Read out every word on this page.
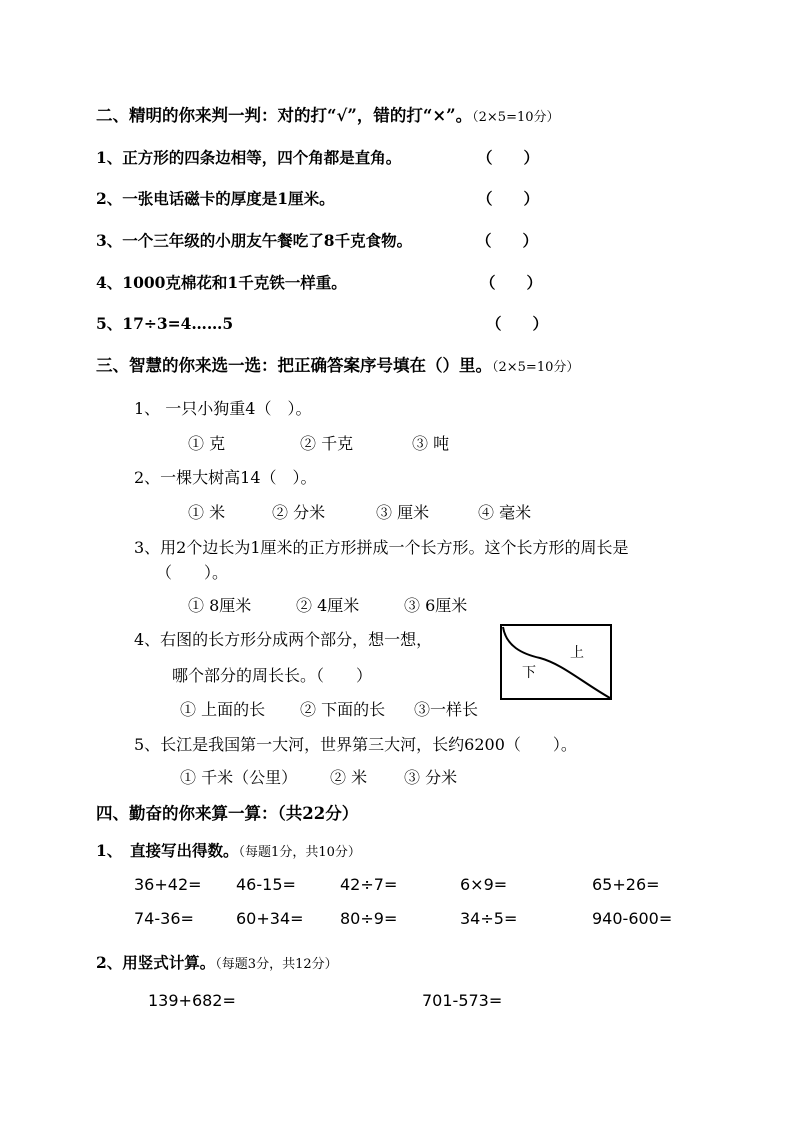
二、精明的你来判一判：对的打“√”，错的打“×”。（2×5=10分）
1、正方形的四条边相等，四个角都是直角。	（　　）
2、一张电话磁卡的厚度是1厘米。	（　　）
3、一个三年级的小朋友午餐吃了8千克食物。	（　　）
4、1000克棉花和1千克铁一样重。	（　　）
5、17÷3=4……5	（　　）
三、智慧的你来选一选：把正确答案序号填在（）里。（2×5=10分）
1、 一只小狗重4（　）。
① 克	② 千克	③ 吨
2、一棵大树高14（　）。
① 米	② 分米	③ 厘米	④ 毫米
3、用2个边长为1厘米的正方形拼成一个长方形。这个长方形的周长是
（　　）。
① 8厘米	② 4厘米	③ 6厘米
4、右图的长方形分成两个部分，想一想，
哪个部分的周长长。（　　）
① 上面的长 ② 下面的长 ③一样长
上
下
5、长江是我国第一大河，世界第三大河，长约6200（　　）。
① 千米（公里） ② 米 ③ 分米
四、勤奋的你来算一算：（共22分）
1、　直接写出得数。（每题1分，共10分）
36+42= 46-15=	42÷7=	6×9=	65+26=
74-36=	60+34= 80÷9=	34÷5=	940-600=
2、用竖式计算。（每题3分，共12分）
139+682=	701-573=
